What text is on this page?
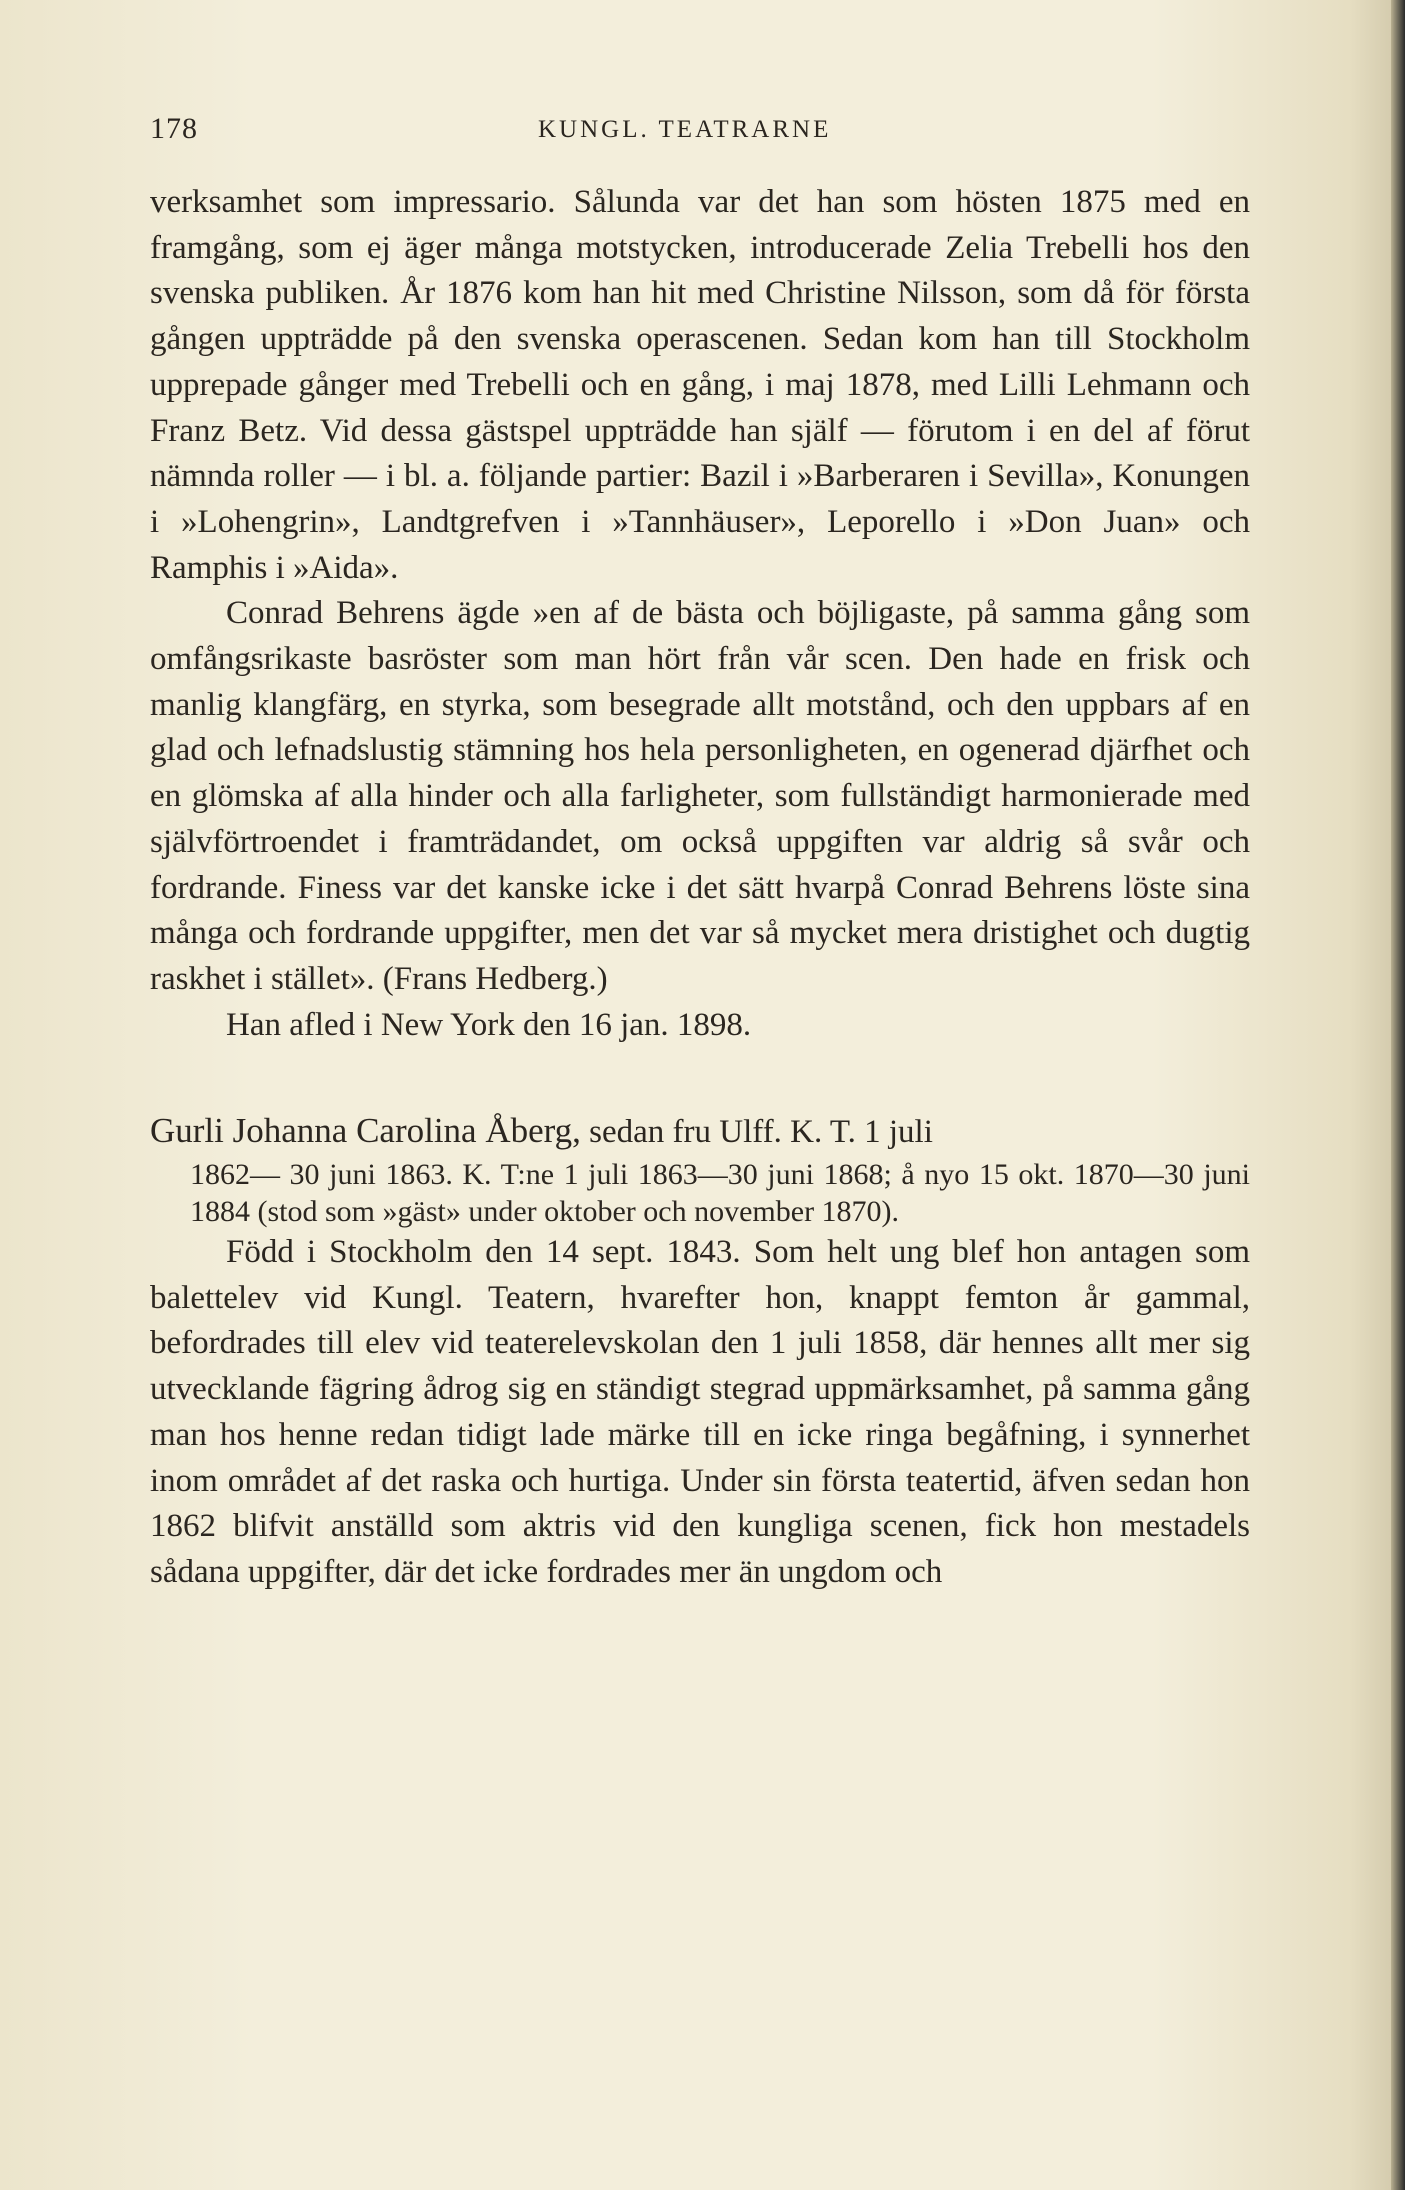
178	KUNGL. TEATRARNE

verksamhet som impressario. Sålunda var det han som hösten 1875 med en framgång, som ej äger många motstycken, introducerade Zelia Trebelli hos den svenska publiken. År 1876 kom han hit med Christine Nilsson, som då för första gången uppträdde på den svenska operascenen. Sedan kom han till Stockholm upprepade gånger med Trebelli och en gång, i maj 1878, med Lilli Lehmann och Franz Betz. Vid dessa gästspel uppträdde han själf — förutom i en del af förut nämnda roller — i bl. a. följande partier: Bazil i »Barberaren i Sevilla», Konungen i »Lohengrin», Landtgrefven i »Tannhäuser», Leporello i »Don Juan» och Ramphis i »Aida».

Conrad Behrens ägde »en af de bästa och böjligaste, på samma gång som omfångsrikaste basröster som man hört från vår scen. Den hade en frisk och manlig klangfärg, en styrka, som besegrade allt motstånd, och den uppbars af en glad och lefnadslustig stämning hos hela personligheten, en ogenerad djärfhet och en glömska af alla hinder och alla farligheter, som fullständigt harmonierade med självförtroendet i framträdandet, om också uppgiften var aldrig så svår och fordrande. Finess var det kanske icke i det sätt hvarpå Conrad Behrens löste sina många och fordrande uppgifter, men det var så mycket mera dristighet och dugtig raskhet i stället». (Frans Hedberg.)

Han afled i New York den 16 jan. 1898.

Gurli Johanna Carolina Åberg, sedan fru Ulff. K. T. 1 juli
1862— 30 juni 1863. K. T:ne 1 juli 1863—30 juni 1868; å nyo 15 okt. 1870—30 juni 1884 (stod som »gäst» under oktober och november 1870).

Född i Stockholm den 14 sept. 1843. Som helt ung blef hon antagen som balettelev vid Kungl. Teatern, hvarefter hon, knappt femton år gammal, befordrades till elev vid teaterelevskolan den 1 juli 1858, där hennes allt mer sig utvecklande fägring ådrog sig en ständigt stegrad uppmärksamhet, på samma gång man hos henne redan tidigt lade märke till en icke ringa begåfning, i synnerhet inom området af det raska och hurtiga. Under sin första teatertid, äfven sedan hon 1862 blifvit anställd som aktris vid den kungliga scenen, fick hon mestadels sådana uppgifter, där det icke fordrades mer än ungdom och
